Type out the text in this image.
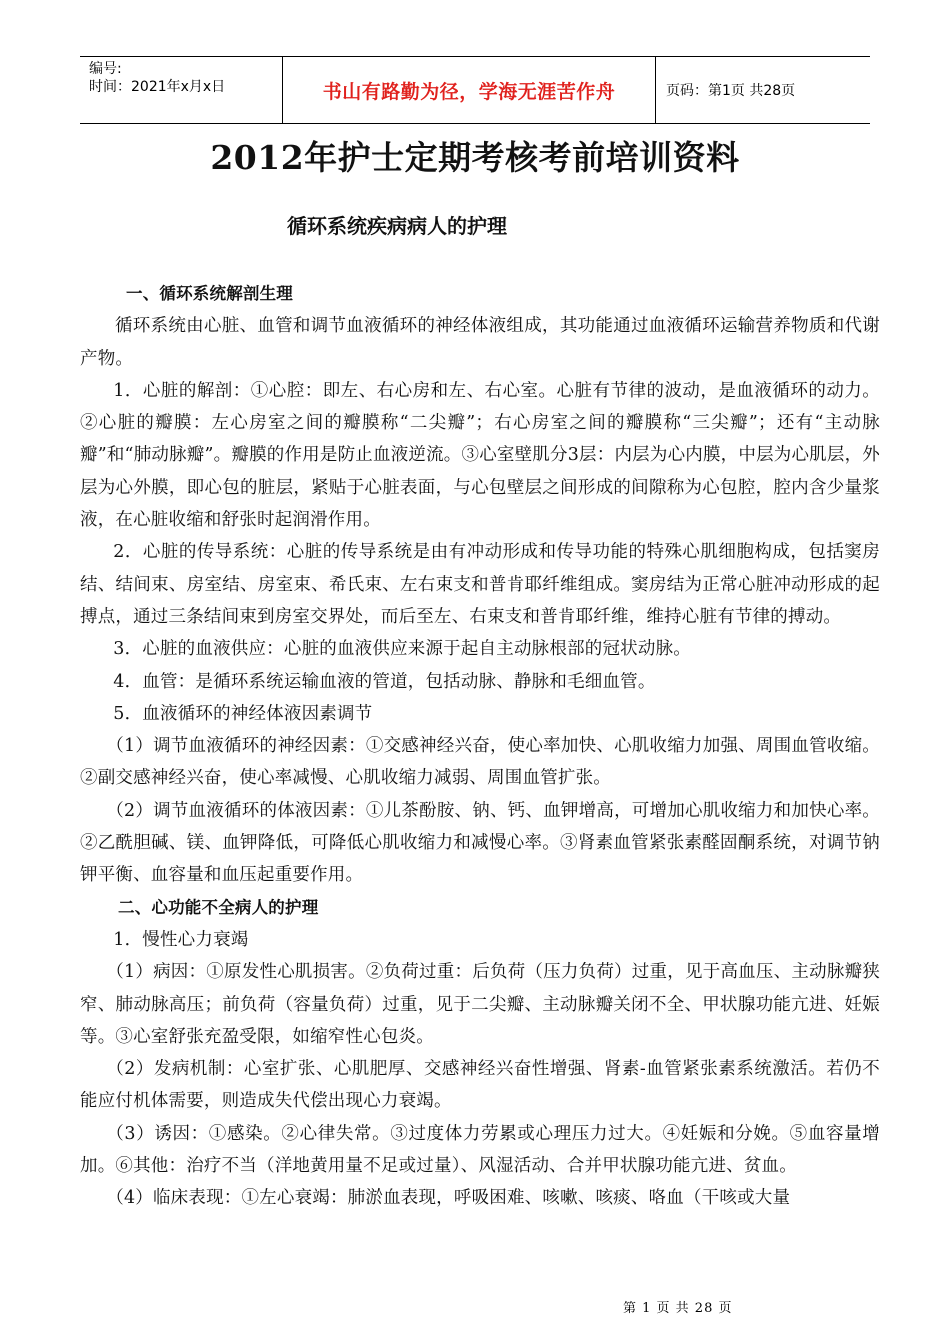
编号:
时间：2021年x月x日	书山有路勤为径，学海无涯苦作舟	页码：第1页 共28页
2012年护士定期考核考前培训资料
循环系统疾病病人的护理

一、循环系统解剖生理

循环系统由心脏、血管和调节血液循环的神经体液组成，其功能通过血液循环运输营养物质和代谢产物。

1．心脏的解剖：①心腔：即左、右心房和左、右心室。心脏有节律的波动，是血液循环的动力。②心脏的瓣膜：左心房室之间的瓣膜称“二尖瓣”；右心房室之间的瓣膜称“三尖瓣”；还有“主动脉瓣”和“肺动脉瓣”。瓣膜的作用是防止血液逆流。③心室壁肌分3层：内层为心内膜，中层为心肌层，外层为心外膜，即心包的脏层，紧贴于心脏表面，与心包壁层之间形成的间隙称为心包腔，腔内含少量浆液，在心脏收缩和舒张时起润滑作用。

2．心脏的传导系统：心脏的传导系统是由有冲动形成和传导功能的特殊心肌细胞构成，包括窦房结、结间束、房室结、房室束、希氏束、左右束支和普肯耶纤维组成。窦房结为正常心脏冲动形成的起搏点，通过三条结间束到房室交界处，而后至左、右束支和普肯耶纤维，维持心脏有节律的搏动。

3．心脏的血液供应：心脏的血液供应来源于起自主动脉根部的冠状动脉。

4．血管：是循环系统运输血液的管道，包括动脉、静脉和毛细血管。

5．血液循环的神经体液因素调节

（1）调节血液循环的神经因素：①交感神经兴奋，使心率加快、心肌收缩力加强、周围血管收缩。②副交感神经兴奋，使心率减慢、心肌收缩力减弱、周围血管扩张。

（2）调节血液循环的体液因素：①儿茶酚胺、钠、钙、血钾增高，可增加心肌收缩力和加快心率。②乙酰胆碱、镁、血钾降低，可降低心肌收缩力和减慢心率。③肾素血管紧张素醛固酮系统，对调节钠钾平衡、血容量和血压起重要作用。

二、心功能不全病人的护理

1．慢性心力衰竭

（1）病因：①原发性心肌损害。②负荷过重：后负荷（压力负荷）过重，见于高血压、主动脉瓣狭窄、肺动脉高压；前负荷（容量负荷）过重，见于二尖瓣、主动脉瓣关闭不全、甲状腺功能亢进、妊娠等。③心室舒张充盈受限，如缩窄性心包炎。

（2）发病机制：心室扩张、心肌肥厚、交感神经兴奋性增强、肾素-血管紧张素系统激活。若仍不能应付机体需要，则造成失代偿出现心力衰竭。

（3）诱因：①感染。②心律失常。③过度体力劳累或心理压力过大。④妊娠和分娩。⑤血容量增加。⑥其他：治疗不当（洋地黄用量不足或过量）、风湿活动、合并甲状腺功能亢进、贫血。

（4）临床表现：①左心衰竭：肺淤血表现，呼吸困难、咳嗽、咳痰、咯血（干咳或大量

第 1 页 共 28 页
